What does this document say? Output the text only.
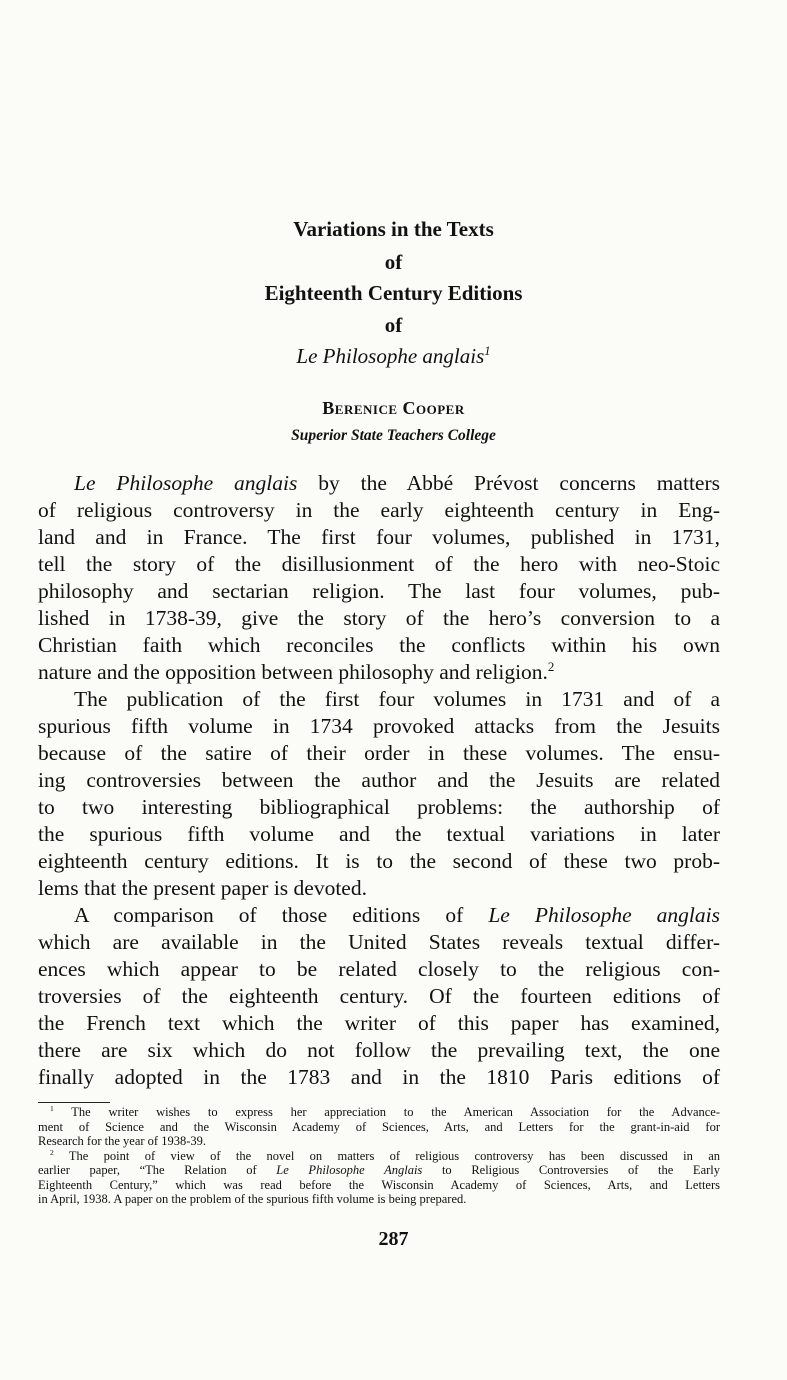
Variations in the Texts
of
Eighteenth Century Editions
of
Le Philosophe anglais$^1$
Berenice Cooper
Superior State Teachers College
Le Philosophe anglais by the Abbé Prévost concerns matters
of religious controversy in the early eighteenth century in Eng-
land and in France. The first four volumes, published in 1731,
tell the story of the disillusionment of the hero with neo-Stoic
philosophy and sectarian religion. The last four volumes, pub-
lished in 1738-39, give the story of the hero’s conversion to a
Christian faith which reconciles the conflicts within his own
nature and the opposition between philosophy and religion.$^2$
The publication of the first four volumes in 1731 and of a
spurious fifth volume in 1734 provoked attacks from the Jesuits
because of the satire of their order in these volumes. The ensu-
ing controversies between the author and the Jesuits are related
to two interesting bibliographical problems: the authorship of
the spurious fifth volume and the textual variations in later
eighteenth century editions. It is to the second of these two prob-
lems that the present paper is devoted.
A comparison of those editions of Le Philosophe anglais
which are available in the United States reveals textual differ-
ences which appear to be related closely to the religious con-
troversies of the eighteenth century. Of the fourteen editions of
the French text which the writer of this paper has examined,
there are six which do not follow the prevailing text, the one
finally adopted in the 1783 and in the 1810 Paris editions of
$^1$ The writer wishes to express her appreciation to the American Association for the Advance-
ment of Science and the Wisconsin Academy of Sciences, Arts, and Letters for the grant-in-aid for
Research for the year of 1938-39.
$^2$ The point of view of the novel on matters of religious controversy has been discussed in an
earlier paper, “The Relation of Le Philosophe Anglais to Religious Controversies of the Early
Eighteenth Century,” which was read before the Wisconsin Academy of Sciences, Arts, and Letters
in April, 1938. A paper on the problem of the spurious fifth volume is being prepared.
287
